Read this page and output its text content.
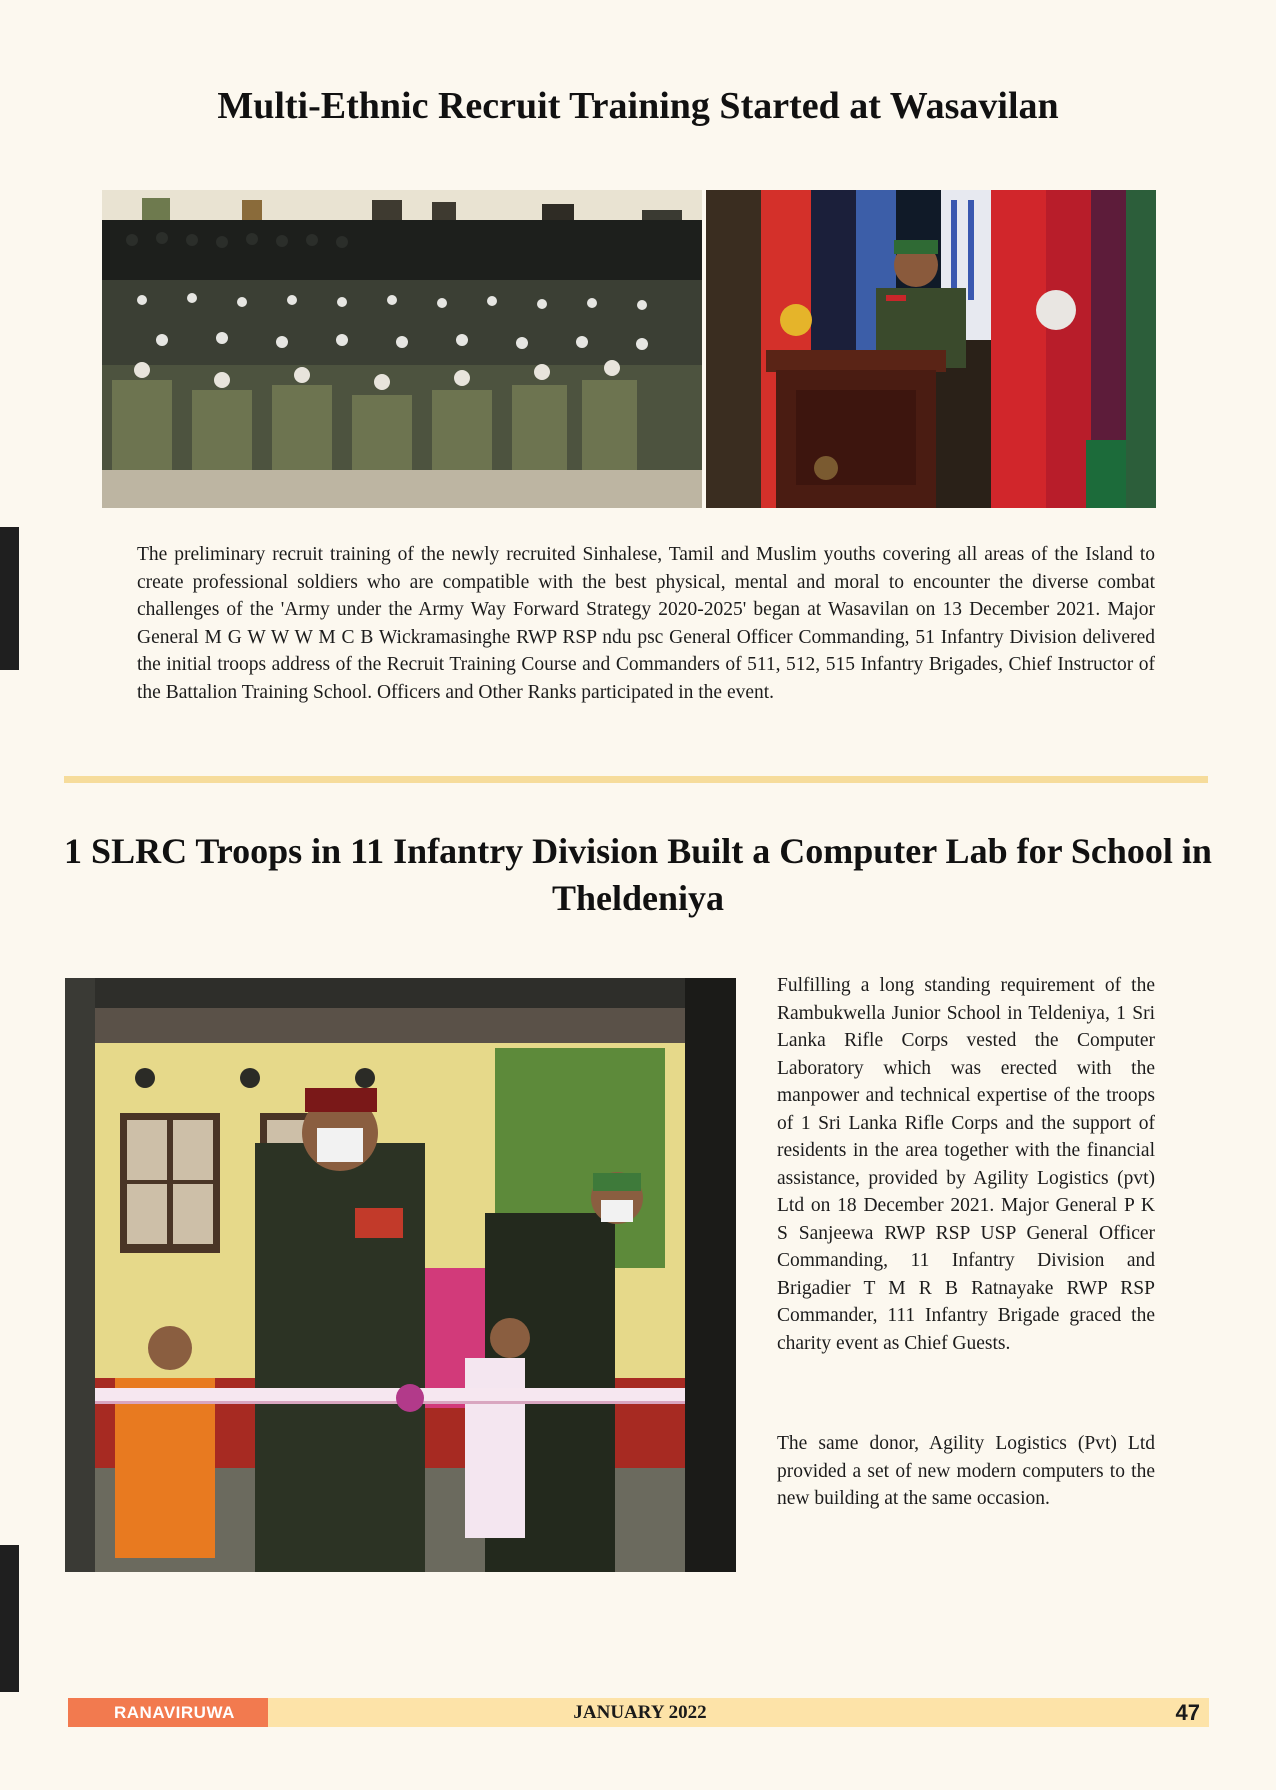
Multi-Ethnic Recruit Training Started at Wasavilan

The preliminary recruit training of the newly recruited Sinhalese, Tamil and Muslim youths covering all areas of the Island to create professional soldiers who are compatible with the best physical, mental and moral to encounter the diverse combat challenges of the 'Army under the Army Way Forward Strategy 2020-2025' began at Wasavilan on 13 December 2021. Major General M G W W W M C B Wickramasinghe RWP RSP ndu psc General Officer Commanding, 51 Infantry Division delivered the initial troops address of the Recruit Training Course and Commanders of 511, 512, 515 Infantry Brigades, Chief Instructor of the Battalion Training School. Officers and Other Ranks participated in the event.

1 SLRC Troops in 11 Infantry Division Built a Computer Lab for School in Theldeniya

Fulfilling a long standing requirement of the Rambukwella Junior School in Teldeniya, 1 Sri Lanka Rifle Corps vested the Computer Laboratory which was erected with the manpower and technical expertise of the troops of 1 Sri Lanka Rifle Corps and the support of residents in the area together with the financial assistance, provided by Agility Logistics (pvt) Ltd on 18 December 2021. Major General P K S Sanjeewa RWP RSP USP General Officer Commanding, 11 Infantry Division and Brigadier T M R B Ratnayake RWP RSP Commander, 111 Infantry Brigade graced the charity event as Chief Guests.

The same donor, Agility Logistics (Pvt) Ltd provided a set of new modern computers to the new building at the same occasion.

RANAVIRUWA	JANUARY 2022	47
